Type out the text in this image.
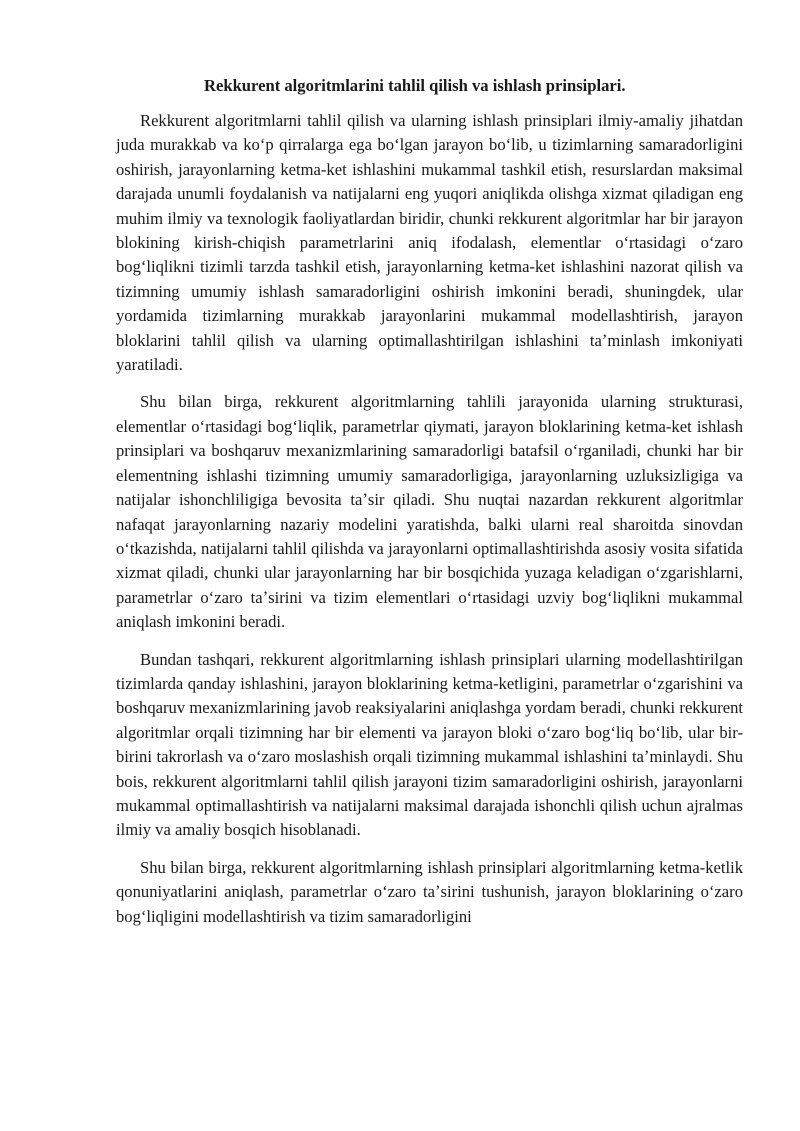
Rekkurent algoritmlarini tahlil qilish va ishlash prinsiplari.

Rekkurent algoritmlarni tahlil qilish va ularning ishlash prinsiplari ilmiy-amaliy jihatdan juda murakkab va koʻp qirralarga ega boʻlgan jarayon boʻlib, u tizimlarning samaradorligini oshirish, jarayonlarning ketma-ket ishlashini mukammal tashkil etish, resurslardan maksimal darajada unumli foydalanish va natijalarni eng yuqori aniqlikda olishga xizmat qiladigan eng muhim ilmiy va texnologik faoliyatlardan biridir, chunki rekkurent algoritmlar har bir jarayon blokining kirish-chiqish parametrlarini aniq ifodalash, elementlar oʻrtasidagi oʻzaro bogʻliqlikni tizimli tarzda tashkil etish, jarayonlarning ketma-ket ishlashini nazorat qilish va tizimning umumiy ishlash samaradorligini oshirish imkonini beradi, shuningdek, ular yordamida tizimlarning murakkab jarayonlarini mukammal modellashtirish, jarayon bloklarini tahlil qilish va ularning optimallashtirilgan ishlashini taʼminlash imkoniyati yaratiladi.

Shu bilan birga, rekkurent algoritmlarning tahlili jarayonida ularning strukturasi, elementlar oʻrtasidagi bogʻliqlik, parametrlar qiymati, jarayon bloklarining ketma-ket ishlash prinsiplari va boshqaruv mexanizmlarining samaradorligi batafsil oʻrganiladi, chunki har bir elementning ishlashi tizimning umumiy samaradorligiga, jarayonlarning uzluksizligiga va natijalar ishonchliligiga bevosita taʼsir qiladi. Shu nuqtai nazardan rekkurent algoritmlar nafaqat jarayonlarning nazariy modelini yaratishda, balki ularni real sharoitda sinovdan oʻtkazishda, natijalarni tahlil qilishda va jarayonlarni optimallashtirishda asosiy vosita sifatida xizmat qiladi, chunki ular jarayonlarning har bir bosqichida yuzaga keladigan oʻzgarishlarni, parametrlar oʻzaro taʼsirini va tizim elementlari oʻrtasidagi uzviy bogʻliqlikni mukammal aniqlash imkonini beradi.

Bundan tashqari, rekkurent algoritmlarning ishlash prinsiplari ularning modellashtirilgan tizimlarda qanday ishlashini, jarayon bloklarining ketma-ketligini, parametrlar oʻzgarishini va boshqaruv mexanizmlarining javob reaksiyalarini aniqlashga yordam beradi, chunki rekkurent algoritmlar orqali tizimning har bir elementi va jarayon bloki oʻzaro bogʻliq boʻlib, ular bir-birini takrorlash va oʻzaro moslashish orqali tizimning mukammal ishlashini taʼminlaydi. Shu bois, rekkurent algoritmlarni tahlil qilish jarayoni tizim samaradorligini oshirish, jarayonlarni mukammal optimallashtirish va natijalarni maksimal darajada ishonchli qilish uchun ajralmas ilmiy va amaliy bosqich hisoblanadi.

Shu bilan birga, rekkurent algoritmlarning ishlash prinsiplari algoritmlarning ketma-ketlik qonuniyatlarini aniqlash, parametrlar oʻzaro taʼsirini tushunish, jarayon bloklarining oʻzaro bogʻliqligini modellashtirish va tizim samaradorligini
